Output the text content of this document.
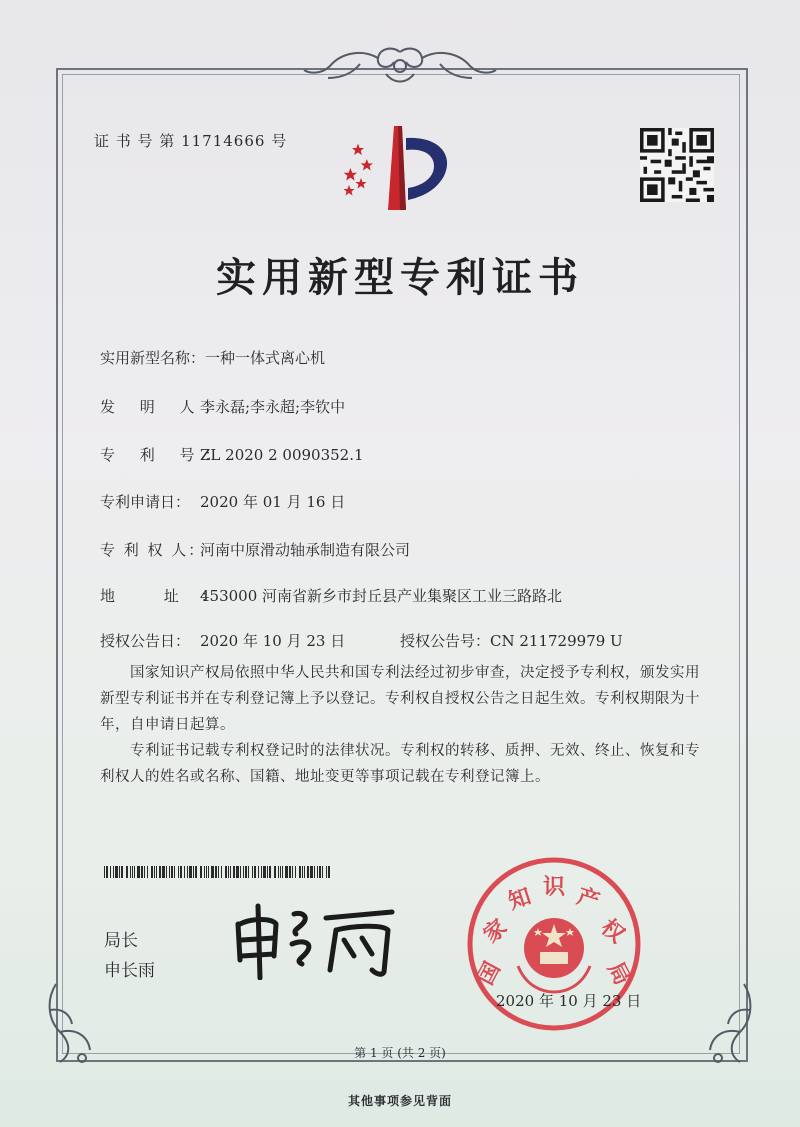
证 书 号 第 11714666 号
实用新型专利证书
实用新型名称：一种一体式离心机
发 明 人：李永磊;李永超;李钦中
专 利 号：ZL 2020 2 0090352.1
专利申请日： 2020 年 01 月 16 日
专 利 权 人：河南中原滑动轴承制造有限公司
地 址：453000 河南省新乡市封丘县产业集聚区工业三路路北
授权公告日： 2020 年 10 月 23 日	授权公告号：CN 211729979 U
国家知识产权局依照中华人民共和国专利法经过初步审查，决定授予专利权，颁发实用新型专利证书并在专利登记簿上予以登记。专利权自授权公告之日起生效。专利权期限为十年，自申请日起算。
专利证书记载专利权登记时的法律状况。专利权的转移、质押、无效、终止、恢复和专利权人的姓名或名称、国籍、地址变更等事项记载在专利登记簿上。
局长
申长雨	国
家
知 识 产
权
局
2020 年 10 月 23 日
第 1 页 (共 2 页)
其他事项参见背面
